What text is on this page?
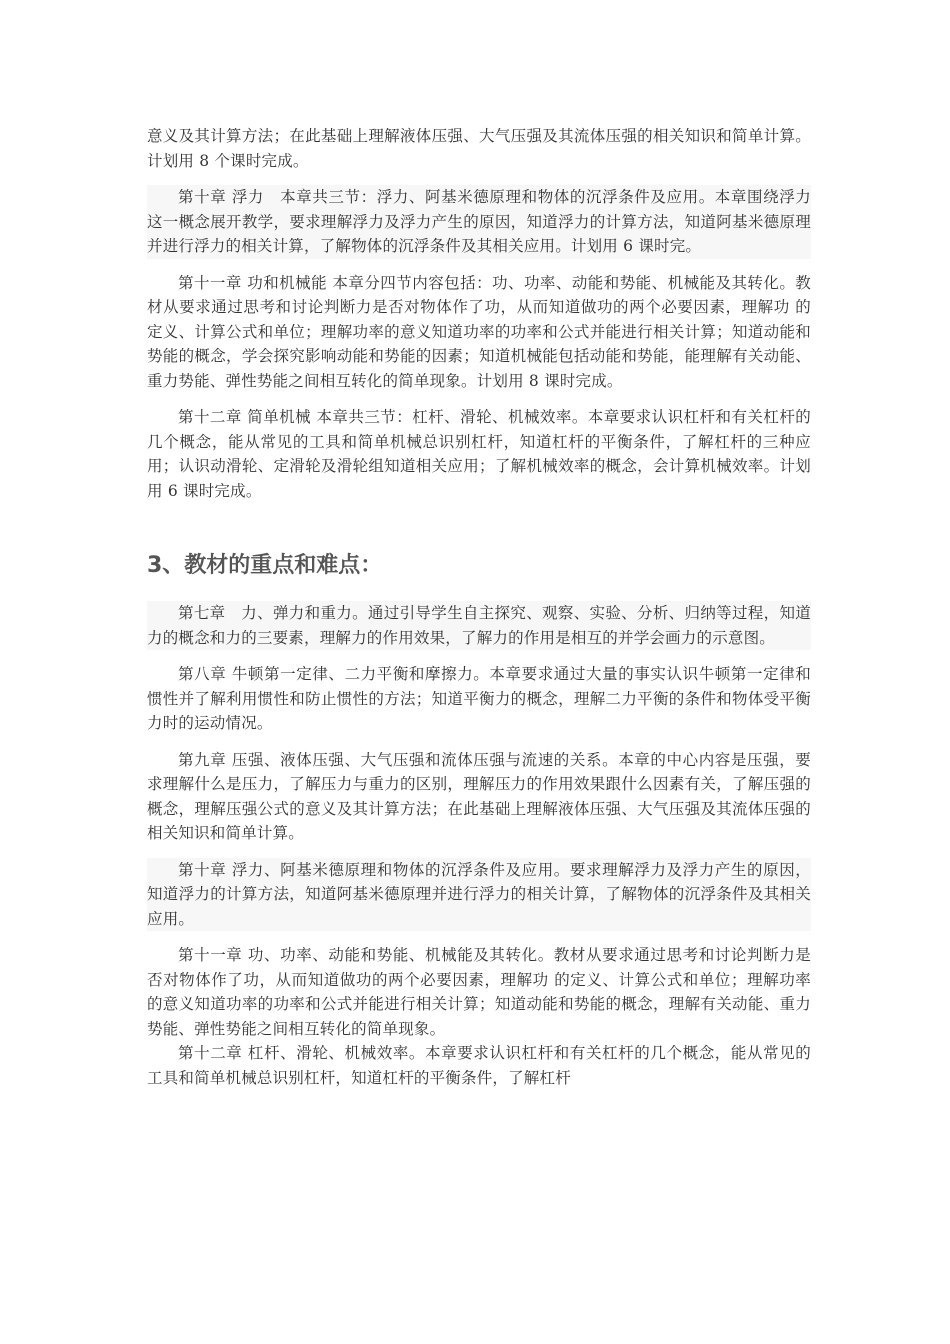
意义及其计算方法；在此基础上理解液体压强、大气压强及其流体压强的相关知识和简单计算。计划用 8 个课时完成。

第十章 浮力　本章共三节：浮力、阿基米德原理和物体的沉浮条件及应用。本章围绕浮力这一概念展开教学，要求理解浮力及浮力产生的原因，知道浮力的计算方法，知道阿基米德原理并进行浮力的相关计算，了解物体的沉浮条件及其相关应用。计划用 6 课时完。

第十一章 功和机械能 本章分四节内容包括：功、功率、动能和势能、机械能及其转化。教材从要求通过思考和讨论判断力是否对物体作了功，从而知道做功的两个必要因素，理解功 的定义、计算公式和单位；理解功率的意义知道功率的功率和公式并能进行相关计算；知道动能和势能的概念，学会探究影响动能和势能的因素；知道机械能包括动能和势能，能理解有关动能、重力势能、弹性势能之间相互转化的简单现象。计划用 8 课时完成。

第十二章 简单机械 本章共三节：杠杆、滑轮、机械效率。本章要求认识杠杆和有关杠杆的几个概念，能从常见的工具和简单机械总识别杠杆，知道杠杆的平衡条件，了解杠杆的三种应用；认识动滑轮、定滑轮及滑轮组知道相关应用；了解机械效率的概念，会计算机械效率。计划用 6 课时完成。

3、教材的重点和难点：

第七章　力、弹力和重力。通过引导学生自主探究、观察、实验、分析、归纳等过程，知道力的概念和力的三要素，理解力的作用效果，了解力的作用是相互的并学会画力的示意图。

第八章 牛顿第一定律、二力平衡和摩擦力。本章要求通过大量的事实认识牛顿第一定律和惯性并了解利用惯性和防止惯性的方法；知道平衡力的概念，理解二力平衡的条件和物体受平衡力时的运动情况。

第九章 压强、液体压强、大气压强和流体压强与流速的关系。本章的中心内容是压强，要求理解什么是压力，了解压力与重力的区别，理解压力的作用效果跟什么因素有关，了解压强的概念，理解压强公式的意义及其计算方法；在此基础上理解液体压强、大气压强及其流体压强的相关知识和简单计算。

第十章 浮力、阿基米德原理和物体的沉浮条件及应用。要求理解浮力及浮力产生的原因，知道浮力的计算方法，知道阿基米德原理并进行浮力的相关计算，了解物体的沉浮条件及其相关应用。

第十一章 功、功率、动能和势能、机械能及其转化。教材从要求通过思考和讨论判断力是否对物体作了功，从而知道做功的两个必要因素，理解功 的定义、计算公式和单位；理解功率的意义知道功率的功率和公式并能进行相关计算；知道动能和势能的概念，理解有关动能、重力势能、弹性势能之间相互转化的简单现象。

第十二章 杠杆、滑轮、机械效率。本章要求认识杠杆和有关杠杆的几个概念，能从常见的工具和简单机械总识别杠杆，知道杠杆的平衡条件，了解杠杆
